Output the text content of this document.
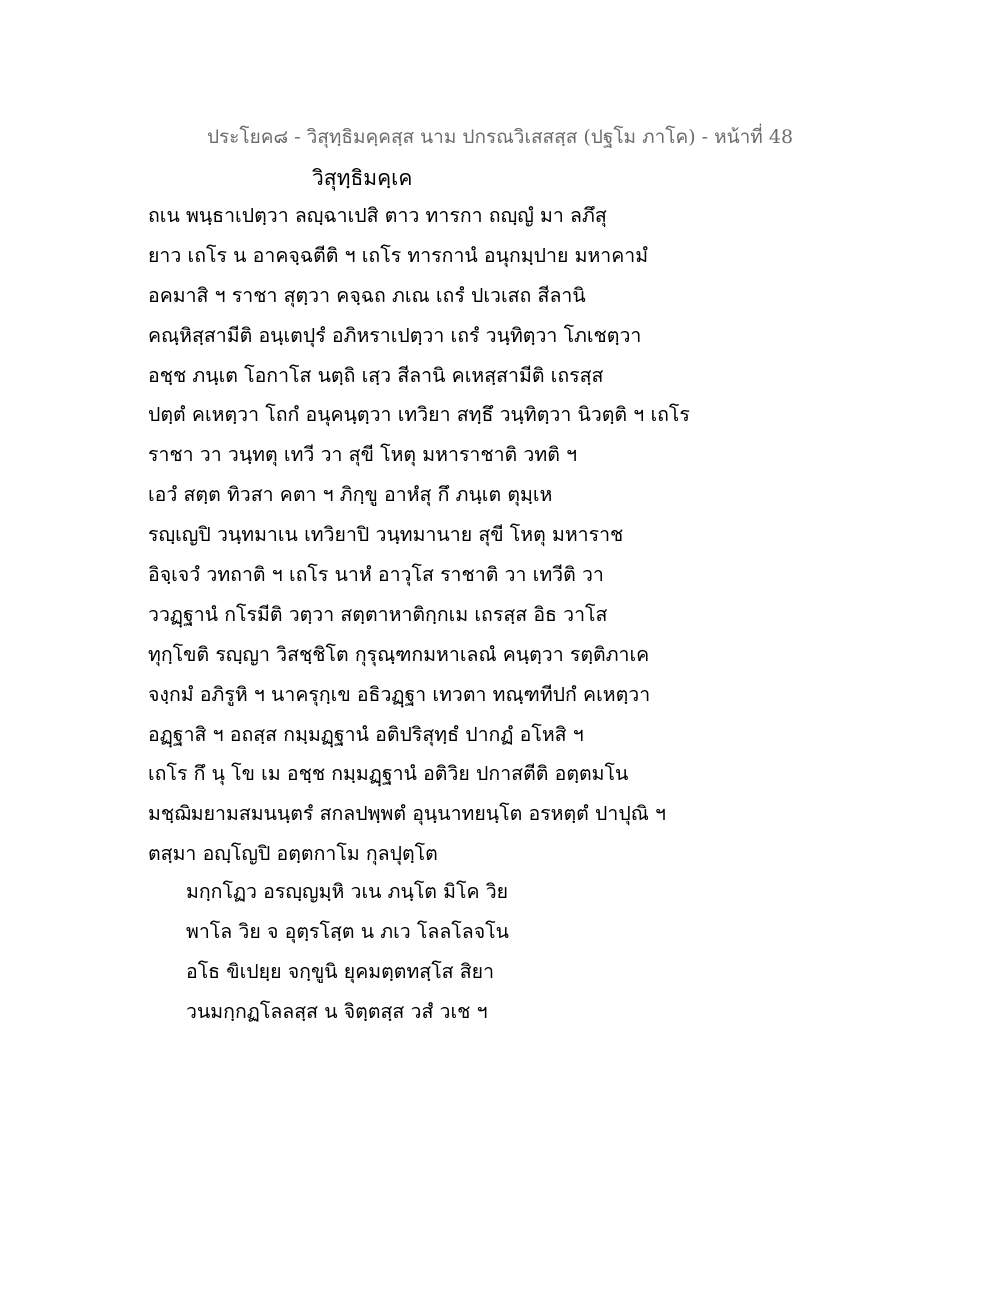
ประโยค๘ - วิสุทฺธิมคฺคสฺส นาม ปกรณวิเสสสฺส (ปฐโม ภาโค) - หน้าที่ 48
วิสุทฺธิมคฺเค
ถเน พนฺธาเปตฺวา ลญฺฉาเปสิ ตาว ทารกา ถญฺญํ มา ลภึสุ
ยาว เถโร น อาคจฺฉตีติ ฯ เถโร ทารกานํ อนุกมฺปาย มหาคามํ
อคมาสิ ฯ ราชา สุตฺวา คจฺฉถ ภเณ เถรํ ปเวเสถ สีลานิ
คณฺหิสฺสามีติ อนฺเตปุรํ อภิหราเปตฺวา เถรํ วนฺทิตฺวา โภเชตฺวา
อชฺช ภนฺเต โอกาโส นตฺถิ เสฺว สีลานิ คเหสฺสามีติ เถรสฺส
ปตฺตํ คเหตฺวา โถกํ อนุคนฺตฺวา เทวิยา สทฺธึ วนฺทิตฺวา นิวตฺติ ฯ เถโร
ราชา วา วนฺทตุ เทวี วา สุขี โหตุ มหาราชาติ วทติ ฯ
เอวํ สตฺต ทิวสา คตา ฯ ภิกฺขู อาหํสุ กึ ภนฺเต ตุมฺเห
รญฺเญปิ วนฺทมาเน เทวิยาปิ วนฺทมานาย สุขี โหตุ มหาราช
อิจฺเจวํ วทถาติ ฯ เถโร นาหํ อาวุโส ราชาติ วา เทวีติ วา
ววฏฺฐานํ กโรมีติ วตฺวา สตฺตาหาติกฺกเม เถรสฺส อิธ วาโส
ทุกฺโขติ รญฺญา วิสชฺชิโต กุรุณฺฑกมหาเลณํ คนฺตฺวา รตฺติภาเค
จงฺกมํ อภิรูหิ ฯ นาครุกฺเข อธิวฏฺฐา เทวตา ทณฺฑทีปกํ คเหตฺวา
อฏฺฐาสิ ฯ อถสฺส กมฺมฏฺฐานํ อติปริสุทฺธํ ปากฏํ อโหสิ ฯ
เถโร กึ นุ โข เม อชฺช กมฺมฏฺฐานํ อติวิย ปกาสตีติ อตฺตมโน
มชฺฌิมยามสมนนฺตรํ สกลปพฺพตํ อุนฺนาทยนฺโต อรหตฺตํ ปาปุณิ ฯ
ตสฺมา อญฺโญปิ อตฺตกาโม กุลปุตฺโต
มกฺกโฏว อรญฺญมฺหิ วเน ภนฺโต มิโค วิย
พาโล วิย จ อุตฺรโสฺต น ภเว โลลโลจโน
อโธ ขิเปยฺย จกฺขูนิ ยุคมตฺตทสฺโส สิยา
วนมกฺกฏโลลสฺส น จิตฺตสฺส วสํ วเช ฯ
